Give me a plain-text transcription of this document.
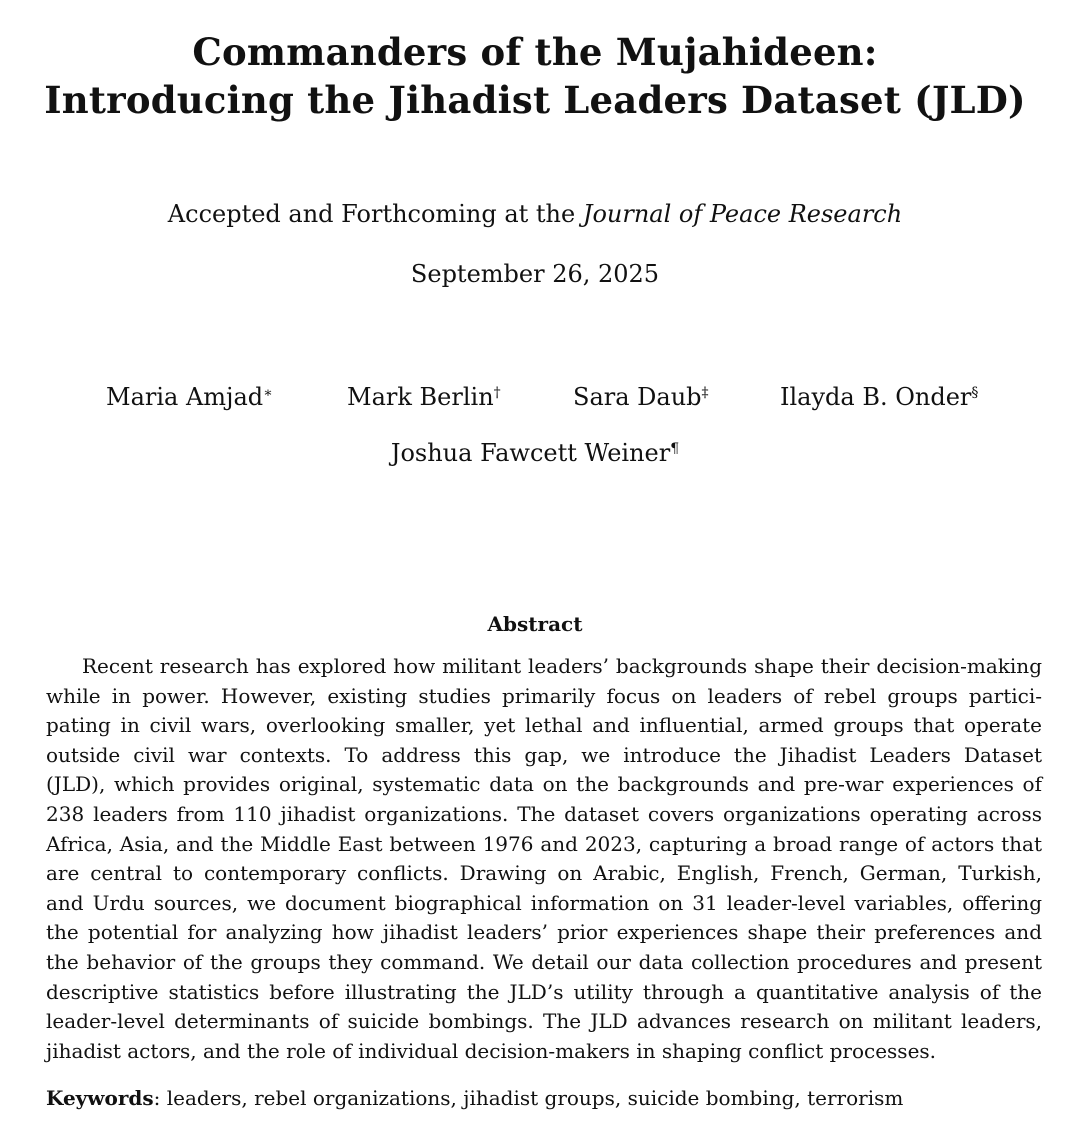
Commanders of the Mujahideen:
Introducing the Jihadist Leaders Dataset (JLD)
Accepted and Forthcoming at the Journal of Peace Research
September 26, 2025
Maria Amjad∗	Mark Berlin†	Sara Daub‡	Ilayda B. Onder§
Joshua Fawcett Weiner¶
Abstract
Recent research has explored how militant leaders’ backgrounds shape their decision-making
while in power. However, existing studies primarily focus on leaders of rebel groups partici-
pating in civil wars, overlooking smaller, yet lethal and influential, armed groups that operate
outside civil war contexts. To address this gap, we introduce the Jihadist Leaders Dataset
(JLD), which provides original, systematic data on the backgrounds and pre-war experiences of
238 leaders from 110 jihadist organizations. The dataset covers organizations operating across
Africa, Asia, and the Middle East between 1976 and 2023, capturing a broad range of actors that
are central to contemporary conflicts. Drawing on Arabic, English, French, German, Turkish,
and Urdu sources, we document biographical information on 31 leader-level variables, offering
the potential for analyzing how jihadist leaders’ prior experiences shape their preferences and
the behavior of the groups they command. We detail our data collection procedures and present
descriptive statistics before illustrating the JLD’s utility through a quantitative analysis of the
leader-level determinants of suicide bombings. The JLD advances research on militant leaders,
jihadist actors, and the role of individual decision-makers in shaping conflict processes.
Keywords: leaders, rebel organizations, jihadist groups, suicide bombing, terrorism
